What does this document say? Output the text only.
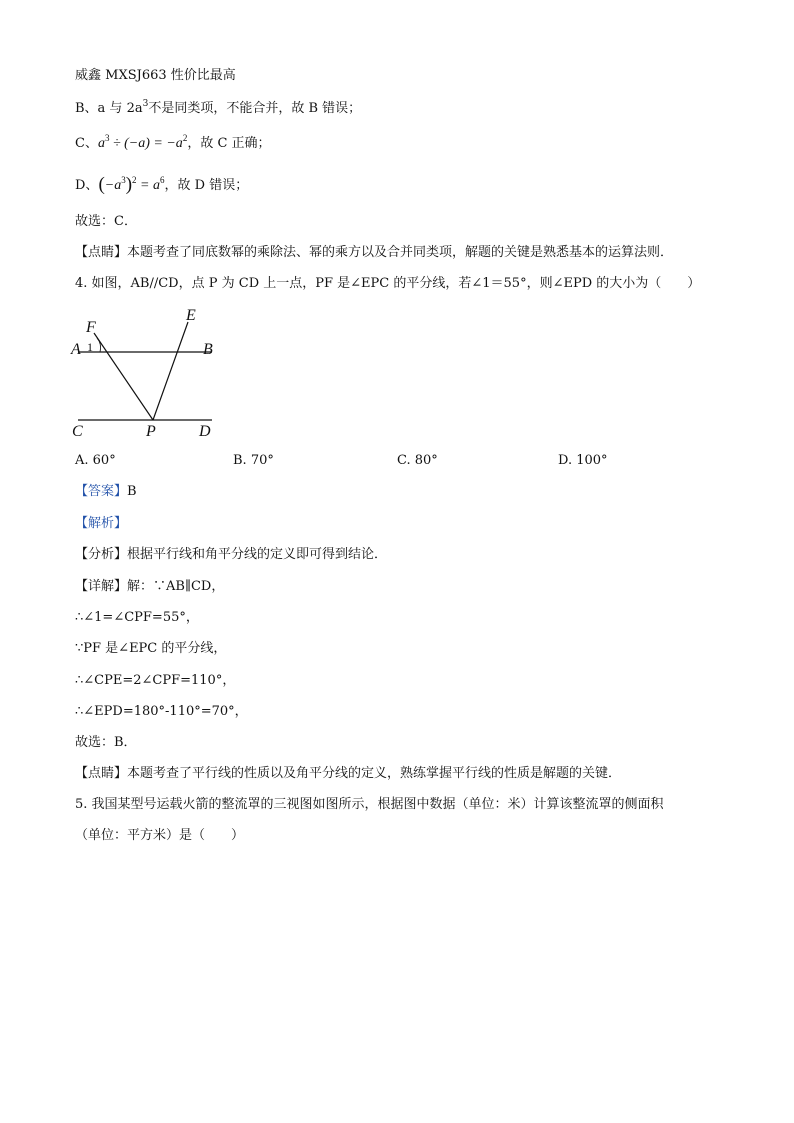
威鑫 MXSJ663 性价比最高
B、a 与 $2a^3$不是同类项，不能合并，故 B 错误；
C、$a^3 \div (-a) = -a^2$，故 C 正确；
D、$(-a^3)^2 = a^6$，故 D 错误；
故选：C．
【点睛】本题考查了同底数幂的乘除法、幂的乘方以及合并同类项，解题的关键是熟悉基本的运算法则．
4. 如图，AB//CD，点 P 为 CD 上一点，PF 是∠EPC 的平分线，若∠1＝55°，则∠EPD 的大小为（　　）
F
E
A 1	B
C	P	D
A. 60°	B. 70°	C. 80°	D. 100°
【答案】B
【解析】
【分析】根据平行线和角平分线的定义即可得到结论．
【详解】解：∵AB∥CD，
∴∠1=∠CPF=55°，
∵PF 是∠EPC 的平分线，
∴∠CPE=2∠CPF=110°，
∴∠EPD=180°-110°=70°，
故选：B．
【点睛】本题考查了平行线的性质以及角平分线的定义，熟练掌握平行线的性质是解题的关键．
5. 我国某型号运载火箭的整流罩的三视图如图所示，根据图中数据（单位：米）计算该整流罩的侧面积
（单位：平方米）是（　　）
